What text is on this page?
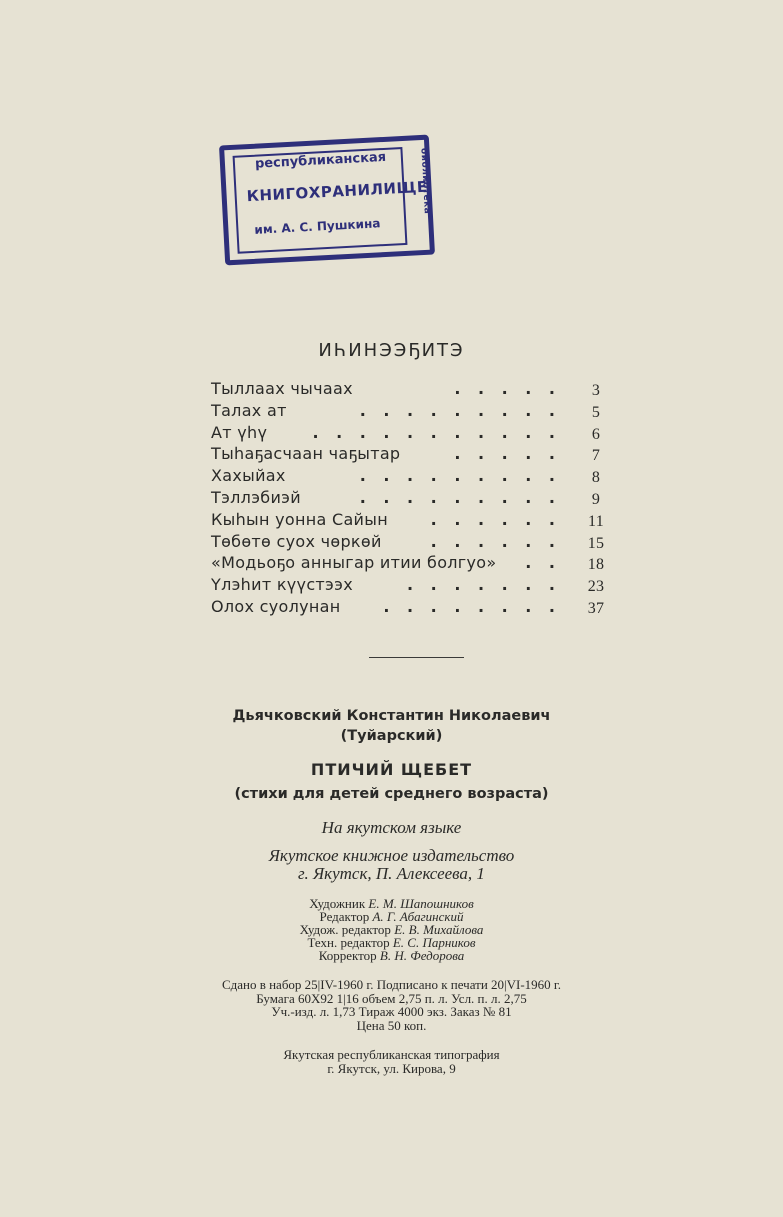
республиканская
КНИГОХРАНИЛИЩЕ
им. А. С. Пушкина
библиотека
ИҺИНЭЭҔИТЭ
. . . . .
Тыллаах чычаах	3
. . . . . . . . .
Талах ат	5
. . . . . . . . . . .
Ат үһү	6
. . . . .
Тыһаҕасчаан чаҕытар	7
. . . . . . . . .
Хахыйах	8
. . . . . . . . .
Тэллэбиэй	9
. . . . . .
Кыһын уонна Сайын	11
. . . . . .
Төбөтө суох чөркөй	15
. .
«Модьоҕо анныгар итии болгуо»	18
. . . . . . .
Үлэһит күүстээх	23
. . . . . . . .
Олох суолунан	37
Дьячковский Константин Николаевич
(Туйарский)
ПТИЧИЙ ЩЕБЕТ
(стихи для детей среднего возраста)
На якутском языке
Якутское книжное издательство
г. Якутск, П. Алексеева, 1
Художник Е. М. Шапошников
Редактор А. Г. Абагинский
Худож. редактор Е. В. Михайлова
Техн. редактор Е. С. Парников
Корректор В. Н. Федорова
Сдано в набор 25|IV-1960 г. Подписано к печати 20|VI-1960 г.
Бумага 60X92 1|16 объем 2,75 п. л. Усл. п. л. 2,75
Уч.-изд. л. 1,73 Тираж 4000 экз. Заказ № 81
Цена 50 коп.
Якутская республиканская типография
г. Якутск, ул. Кирова, 9
